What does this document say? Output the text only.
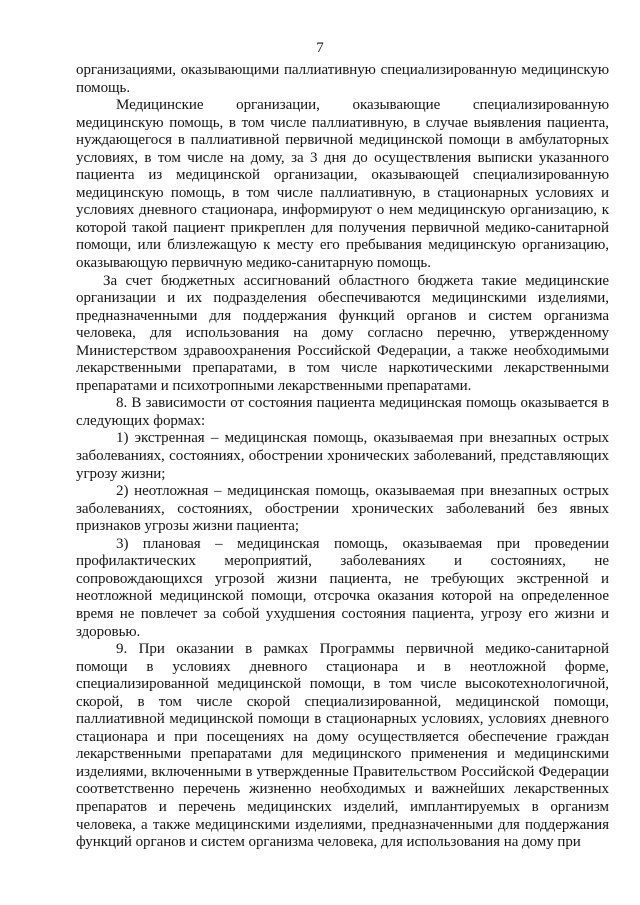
7

организациями, оказывающими паллиативную специализированную медицинскую помощь.

Медицинские организации, оказывающие специализированную медицинскую помощь, в том числе паллиативную, в случае выявления пациента, нуждающегося в паллиативной первичной медицинской помощи в амбулаторных условиях, в том числе на дому, за 3 дня до осуществления выписки указанного пациента из медицинской организации, оказывающей специализированную медицинскую помощь, в том числе паллиативную, в стационарных условиях и условиях дневного стационара, информируют о нем медицинскую организацию, к которой такой пациент прикреплен для получения первичной медико-санитарной помощи, или близлежащую к месту его пребывания медицинскую организацию, оказывающую первичную медико-санитарную помощь.

За счет бюджетных ассигнований областного бюджета такие медицинские организации и их подразделения обеспечиваются медицинскими изделиями, предназначенными для поддержания функций органов и систем организма человека, для использования на дому согласно перечню, утвержденному Министерством здравоохранения Российской Федерации, а также необходимыми лекарственными препаратами, в том числе наркотическими лекарственными препаратами и психотропными лекарственными препаратами.

8. В зависимости от состояния пациента медицинская помощь оказывается в следующих формах:

1) экстренная – медицинская помощь, оказываемая при внезапных острых заболеваниях, состояниях, обострении хронических заболеваний, представляющих угрозу жизни;

2) неотложная – медицинская помощь, оказываемая при внезапных острых заболеваниях, состояниях, обострении хронических заболеваний без явных признаков угрозы жизни пациента;

3) плановая – медицинская помощь, оказываемая при проведении профилактических мероприятий, заболеваниях и состояниях, не сопровождающихся угрозой жизни пациента, не требующих экстренной и неотложной медицинской помощи, отсрочка оказания которой на определенное время не повлечет за собой ухудшения состояния пациента, угрозу его жизни и здоровью.

9. При оказании в рамках Программы первичной медико-санитарной помощи в условиях дневного стационара и в неотложной форме, специализированной медицинской помощи, в том числе высокотехнологичной, скорой, в том числе скорой специализированной, медицинской помощи, паллиативной медицинской помощи в стационарных условиях, условиях дневного стационара и при посещениях на дому осуществляется обеспечение граждан лекарственными препаратами для медицинского применения и медицинскими изделиями, включенными в утвержденные Правительством Российской Федерации соответственно перечень жизненно необходимых и важнейших лекарственных препаратов и перечень медицинских изделий, имплантируемых в организм человека, а также медицинскими изделиями, предназначенными для поддержания функций органов и систем организма человека, для использования на дому при
